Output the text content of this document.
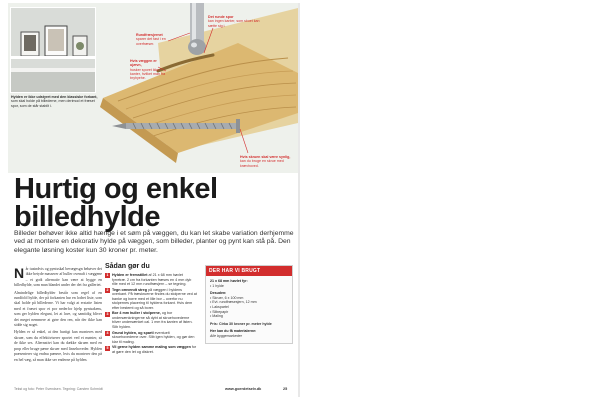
Hylden er ikke udstyret med den klassiske forkant, som skal holde på billederne, men derimod et fræset spor, som de står stabilt i.
Det runde spor
kan ingen kanter, som skuet kan sætte sig i.
Rundfræsjernet
sparer det fast i en overfræser.
Hvis væggen er ujævn,
husker sporet ikke kanter, hvilket man fra bryhyehe.
Hvis skruen skal være synlig,
kan du bruge en skrue med krævhoved.
Hurtig og enkel
billedhylde

Billeder behøver ikke altid hænge i et søm på væggen, du kan let skabe variation derhjemme ved at montere en dekorativ hylde på væggen, som billeder, planter og pynt kan stå på. Den elegante løsning koster kun 30 kroner pr. meter.

Når tusindvis og pyntsskal bevægesgn behøver det ikke betyde masserer af huller ovenaft i væggene – et godt alternativ kan være at bygge en billedhylde, som man blandet under der det fra galleriet.

Almindelige billedhylder består som regel af en rundfold hylde, der på forkanten har en lodret liste, som skal holde på billederne. Vi har valgt at erstatte listen med et fræset spor et por nederfor hjelp pyntsakens, som ger hylden elegant, let at lave, og samtidig bliver det meget nemmere at gøre den ren, når der ikke kan sidde sig noget.

Hylden er så enkel, at den hurtigt kan monteres med skruer, som du effektiviserer sportet ved et mønter, så de ikke ses. Alternativt kan du dække skruen med en prop eller bruge pæne skruer med linsehoveder. Hylden præsenterer sig endnu pænere, hvis du monterer den på en hel væg, så man ikke ser enderne på hylden.

Sådan gør du
1 Hylden er fremstillet af 21 x 68 mm høvlet fyrretræ. 2 cm fra forkanten fræses en 4 mm dyb rille med et 12 mm rundfræsjern – se tegning.
2 Tegn omvendt streg på væggen i hyldens overkant. På træskruerne findes du stolperne ved at banke og borre med et lille bor – overfor nu stolpernes placering til hyldens forkant. Hvis dem efter bestemt og så borer.
3 Bor 4 mm huller i stolperne, og bor undersænkningerne så dybt at skruehovederne bliver undersænket cal. 1 mm fra kanten af listen. Slib hylden.
4 Grund hylden, og spartl eventuelt skruehovederne over. Slib igen hylden, og gør den klar til maling.
5 Vil gerne hylden samme maling som væggen for at gøre den let og diskret.
DER HAR VI BRUGT
21 x 68 mm høvlet fyr:
• 1 hylde
Desuden:
• Skruer, 6 x 100 mm
• Evt. rundfræsesjern, 12 mm
• Lakspartel
• Slibepapir
• Maling
Pris: Cirka 30 kroner pr. meter hylde
Her kan du få materialerne:
Alle byggemarkeder
Tekst og foto: Peter Svendsen. Tegning: Carsten Schmidt	www.goerdetselv.dk	25
